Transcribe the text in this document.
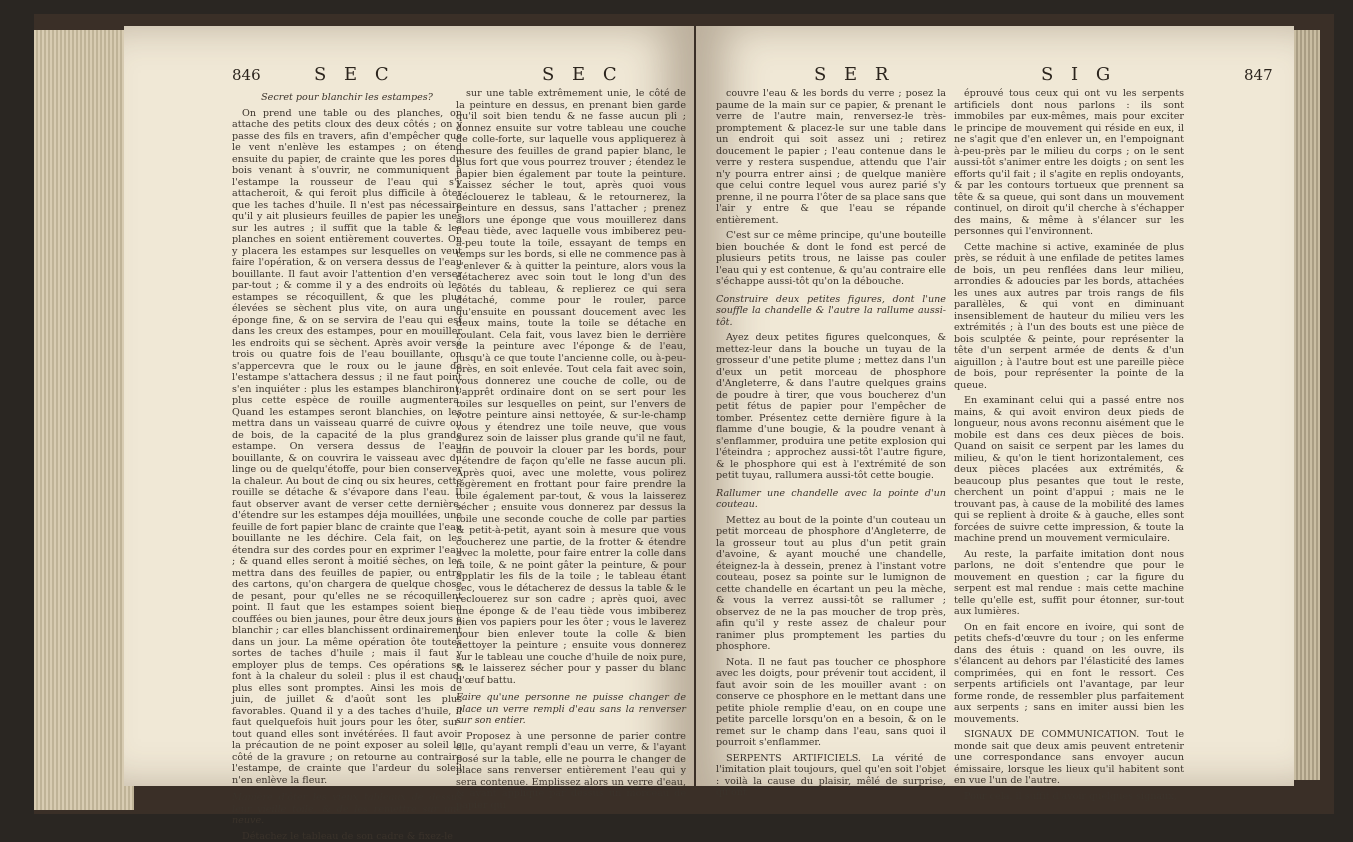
846	S E C	S E C

Secret pour blanchir les estampes?

On prend une table ou des planches, on attache des petits cloux des deux côtés ; on y passe des fils en travers, afin d'empêcher que le vent n'enlève les estampes ; on étend ensuite du papier, de crainte que les pores du bois venant à s'ouvrir, ne communiquent à l'estampe la rousseur de l'eau qui s'y attacheroit, & qui feroit plus difficile à ôter que les taches d'huile. Il n'est pas nécessaire qu'il y ait plusieurs feuilles de papier les unes sur les autres ; il suffit que la table & les planches en soient entièrement couvertes. On y placera les estampes sur lesquelles on veut faire l'opération, & on versera dessus de l'eau bouillante. Il faut avoir l'attention d'en verser par-tout ; & comme il y a des endroits où les estampes se récoquillent, & que les plus élevées se sèchent plus vite, on aura une éponge fine, & on se servira de l'eau qui est dans les creux des estampes, pour en mouiller les endroits qui se sèchent. Après avoir versé trois ou quatre fois de l'eau bouillante, on s'appercevra que le roux ou le jaune de l'estampe s'attachera dessus ; il ne faut point s'en inquiéter : plus les estampes blanchiront, plus cette espèce de rouille augmentera. Quand les estampes seront blanchies, on les mettra dans un vaisseau quarré de cuivre ou de bois, de la capacité de la plus grande estampe. On versera dessus de l'eau bouillante, & on couvrira le vaisseau avec du linge ou de quelqu'étoffe, pour bien conserver la chaleur. Au bout de cinq ou six heures, cette rouille se détache & s'évapore dans l'eau. Il faut observer avant de verser cette dernière, d'étendre sur les estampes déja mouillées, une feuille de fort papier blanc de crainte que l'eau bouillante ne les déchire. Cela fait, on les étendra sur des cordes pour en exprimer l'eau ; & quand elles seront à moitié sèches, on les mettra dans des feuilles de papier, ou entre des cartons, qu'on chargera de quelque chose de pesant, pour qu'elles ne se récoquillent point. Il faut que les estampes soient bien couffées ou bien jaunes, pour être deux jours à blanchir ; car elles blanchissent ordinairement dans un jour. La même opération ôte toutes sortes de taches d'huile ; mais il faut y employer plus de temps. Ces opérations se font à la chaleur du soleil : plus il est chaud, plus elles sont promptes. Ainsi les mois de juin, de juillet & d'août sont les plus favorables. Quand il y a des taches d'huile, il faut quelquefois huit jours pour les ôter, sur-tout quand elles sont invétérées. Il faut avoir la précaution de ne point exposer au soleil le côté de la gravure ; on retourne au contraire l'estampe, de crainte que l'ardeur du soleil n'en enlève la fleur.

Manière d'ôter les vieux tableaux de dessus leur vieille toile, & de les remettre sur une neuve.

Détachez le tableau de son cadre & fixez-le

sur une table extrêmement unie, le côté de la peinture en dessus, en prenant bien garde qu'il soit bien tendu & ne fasse aucun pli ; donnez ensuite sur votre tableau une couche de colle-forte, sur laquelle vous appliquerez à mesure des feuilles de grand papier blanc, le plus fort que vous pourrez trouver ; étendez le papier bien également par toute la peinture. Laissez sécher le tout, après quoi vous déclouerez le tableau, & le retournerez, la peinture en dessus, sans l'attacher ; prenez alors une éponge que vous mouillerez dans l'eau tiède, avec laquelle vous imbiberez peu-à-peu toute la toile, essayant de temps en temps sur les bords, si elle ne commence pas à s'enlever & à quitter la peinture, alors vous la détacherez avec soin tout le long d'un des côtés du tableau, & replierez ce qui sera détaché, comme pour le rouler, parce qu'ensuite en poussant doucement avec les deux mains, toute la toile se détache en roulant. Cela fait, vous lavez bien le derrière de la peinture avec l'éponge & de l'eau, jusqu'à ce que toute l'ancienne colle, ou à-peu-près, en soit enlevée. Tout cela fait avec soin, vous donnerez une couche de colle, ou de l'apprêt ordinaire dont on se sert pour les toiles sur lesquelles on peint, sur l'envers de votre peinture ainsi nettoyée, & sur-le-champ vous y étendrez une toile neuve, que vous aurez soin de laisser plus grande qu'il ne faut, afin de pouvoir la clouer par les bords, pour l'étendre de façon qu'elle ne fasse aucun pli. Après quoi, avec une molette, vous polirez légèrement en frottant pour faire prendre la toile également par-tout, & vous la laisserez sécher ; ensuite vous donnerez par dessus la toile une seconde couche de colle par parties & petit-à-petit, ayant soin à mesure que vous coucherez une partie, de la frotter & étendre avec la molette, pour faire entrer la colle dans la toile, & ne point gâter la peinture, & pour applatir les fils de la toile ; le tableau étant sec, vous le détacherez de dessus la table & le reclouerez sur son cadre ; après quoi, avec une éponge & de l'eau tiède vous imbiberez bien vos papiers pour les ôter ; vous le laverez pour bien enlever toute la colle & bien nettoyer la peinture ; ensuite vous donnerez sur le tableau une couche d'huile de noix pure, & le laisserez sécher pour y passer du blanc d'œuf battu.

Faire qu'une personne ne puisse changer de place un verre rempli d'eau sans la renverser sur son entier.

Proposez à une personne de parier contre elle, qu'ayant rempli d'eau un verre, & l'ayant posé sur la table, elle ne pourra le changer de place sans renverser entièrement l'eau qui y sera contenue. Emplissez alors un verre d'eau, & ayant appliqué par dessus un morceau de papier qui

S E R	S I G	847

couvre l'eau & les bords du verre ; posez la paume de la main sur ce papier, & prenant le verre de l'autre main, renversez-le très-promptement & placez-le sur une table dans un endroit qui soit assez uni ; retirez doucement le papier ; l'eau contenue dans le verre y restera suspendue, attendu que l'air n'y pourra entrer ainsi ; de quelque manière que celui contre lequel vous aurez parié s'y prenne, il ne pourra l'ôter de sa place sans que l'air y entre & que l'eau se répande entièrement.

C'est sur ce même principe, qu'une bouteille bien bouchée & dont le fond est percé de plusieurs petits trous, ne laisse pas couler l'eau qui y est contenue, & qu'au contraire elle s'échappe aussi-tôt qu'on la débouche.

Construire deux petites figures, dont l'une souffle la chandelle & l'autre la rallume aussi-tôt.

Ayez deux petites figures quelconques, & mettez-leur dans la bouche un tuyau de la grosseur d'une petite plume ; mettez dans l'un d'eux un petit morceau de phosphore d'Angleterre, & dans l'autre quelques grains de poudre à tirer, que vous boucherez d'un petit fétus de papier pour l'empêcher de tomber. Présentez cette dernière figure à la flamme d'une bougie, & la poudre venant à s'enflammer, produira une petite explosion qui l'éteindra ; approchez aussi-tôt l'autre figure, & le phosphore qui est à l'extrémité de son petit tuyau, rallumera aussi-tôt cette bougie.

Rallumer une chandelle avec la pointe d'un couteau.

Mettez au bout de la pointe d'un couteau un petit morceau de phosphore d'Angleterre, de la grosseur tout au plus d'un petit grain d'avoine, & ayant mouché une chandelle, éteignez-la à dessein, prenez à l'instant votre couteau, posez sa pointe sur le lumignon de cette chandelle en écartant un peu la mèche, & vous la verrez aussi-tôt se rallumer ; observez de ne la pas moucher de trop près, afin qu'il y reste assez de chaleur pour ranimer plus promptement les parties du phosphore.

Nota. Il ne faut pas toucher ce phosphore avec les doigts, pour prévenir tout accident, il faut avoir soin de les mouiller avant : on conserve ce phosphore en le mettant dans une petite phiole remplie d'eau, on en coupe une petite parcelle lorsqu'on en a besoin, & on le remet sur le champ dans l'eau, sans quoi il pourroit s'enflammer.

SERPENTS ARTIFICIELS. La vérité de l'imitation plait toujours, quel qu'en soit l'objet : voilà la cause du plaisir, mêlé de surprise, qu'ont

éprouvé tous ceux qui ont vu les serpents artificiels dont nous parlons : ils sont immobiles par eux-mêmes, mais pour exciter le principe de mouvement qui réside en eux, il ne s'agit que d'en enlever un, en l'empoignant à-peu-près par le milieu du corps ; on le sent aussi-tôt s'animer entre les doigts ; on sent les efforts qu'il fait ; il s'agite en replis ondoyants, & par les contours tortueux que prennent sa tête & sa queue, qui sont dans un mouvement continuel, on diroit qu'il cherche à s'échapper des mains, & même à s'élancer sur les personnes qui l'environnent.

Cette machine si active, examinée de plus près, se réduit à une enfilade de petites lames de bois, un peu renflées dans leur milieu, arrondies & adoucies par les bords, attachées les unes aux autres par trois rangs de fils parallèles, & qui vont en diminuant insensiblement de hauteur du milieu vers les extrémités ; à l'un des bouts est une pièce de bois sculptée & peinte, pour représenter la tête d'un serpent armée de dents & d'un aiguillon ; à l'autre bout est une pareille pièce de bois, pour représenter la pointe de la queue.

En examinant celui qui a passé entre nos mains, & qui avoit environ deux pieds de longueur, nous avons reconnu aisément que le mobile est dans ces deux pièces de bois. Quand on saisit ce serpent par les lames du milieu, & qu'on le tient horizontalement, ces deux pièces placées aux extrémités, & beaucoup plus pesantes que tout le reste, cherchent un point d'appui ; mais ne le trouvant pas, à cause de la mobilité des lames qui se replient à droite & à gauche, elles sont forcées de suivre cette impression, & toute la machine prend un mouvement vermiculaire.

Au reste, la parfaite imitation dont nous parlons, ne doit s'entendre que pour le mouvement en question ; car la figure du serpent est mal rendue : mais cette machine telle qu'elle est, suffit pour étonner, sur-tout aux lumières.

On en fait encore en ivoire, qui sont de petits chefs-d'œuvre du tour ; on les enferme dans des étuis : quand on les ouvre, ils s'élancent au dehors par l'élasticité des lames comprimées, qui en font le ressort. Ces serpents artificiels ont l'avantage, par leur forme ronde, de ressembler plus parfaitement aux serpents ; sans en imiter aussi bien les mouvements.

SIGNAUX DE COMMUNICATION. Tout le monde sait que deux amis peuvent entretenir une correspondance sans envoyer aucun émissaire, lorsque les lieux qu'il habitent sont en vue l'un de l'autre.

Pour cela, il suffit d'avoir quelques signaux,
